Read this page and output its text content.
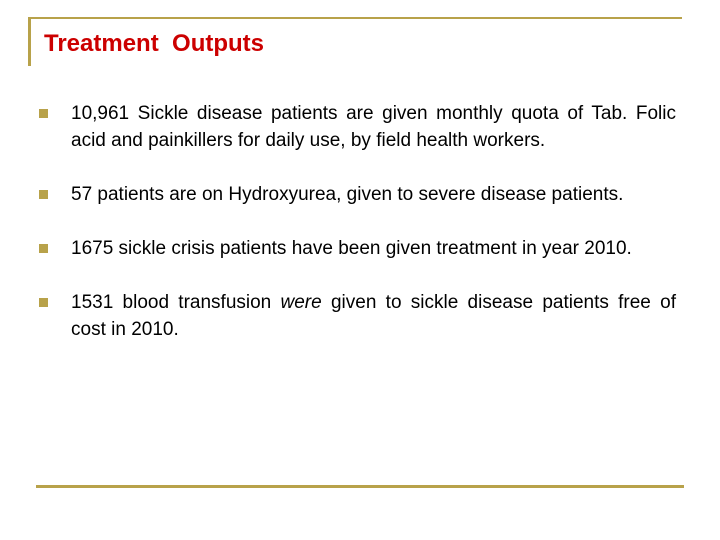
Treatment  Outputs
10,961 Sickle disease patients are given monthly quota of Tab. Folic acid and painkillers for daily use, by field health workers.
57 patients are on Hydroxyurea, given to severe disease patients.
1675 sickle crisis patients have been given treatment in year 2010.
1531 blood transfusion were given to sickle disease patients free of cost in 2010.
